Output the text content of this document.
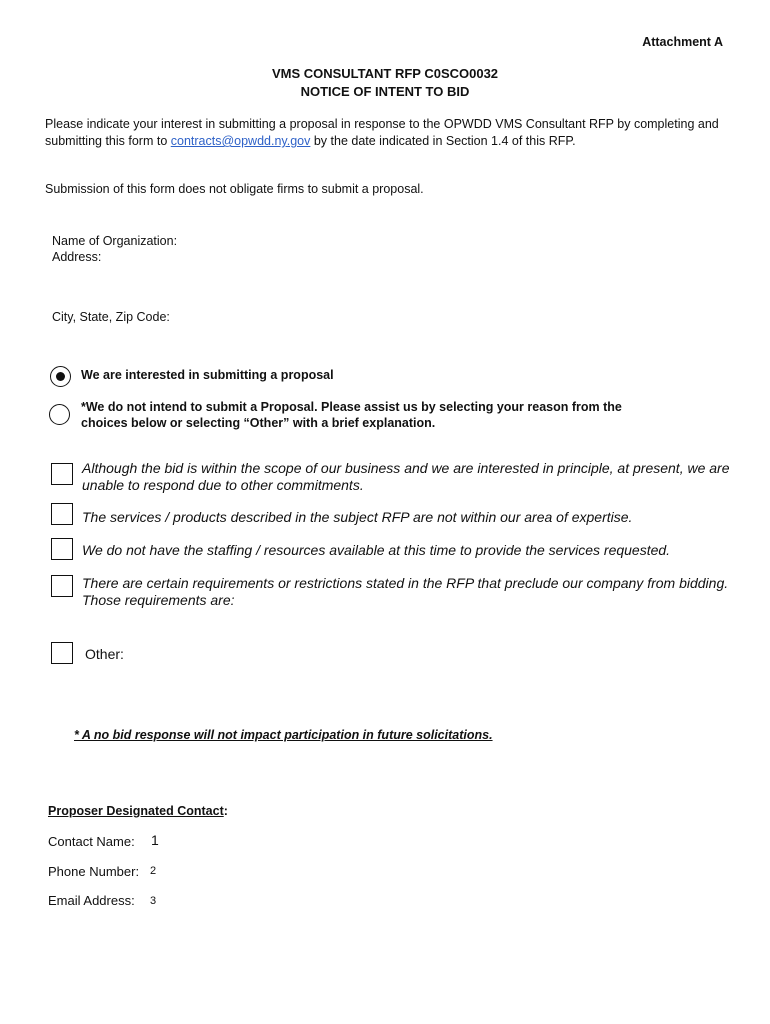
Attachment A
VMS CONSULTANT RFP C0SCO0032
NOTICE OF INTENT TO BID
Please indicate your interest in submitting a proposal in response to the OPWDD VMS Consultant RFP by completing and submitting this form to contracts@opwdd.ny.gov by the date indicated in Section 1.4 of this RFP.
Submission of this form does not obligate firms to submit a proposal.
Name of Organization:
Address:
City, State, Zip Code:
We are interested in submitting a proposal
*We do not intend to submit a Proposal. Please assist us by selecting your reason from the
choices below or selecting “Other” with a brief explanation.
Although the bid is within the scope of our business and we are interested in principle, at present, we are
unable to respond due to other commitments.
The services / products described in the subject RFP are not within our area of expertise.
We do not have the staffing / resources available at this time to provide the services requested.
There are certain requirements or restrictions stated in the RFP that preclude our company from bidding.
Those requirements are:
Other:
* A no bid response will not impact participation in future solicitations.
Proposer Designated Contact:
Contact Name: 1
Phone Number: 2
Email Address: 3
